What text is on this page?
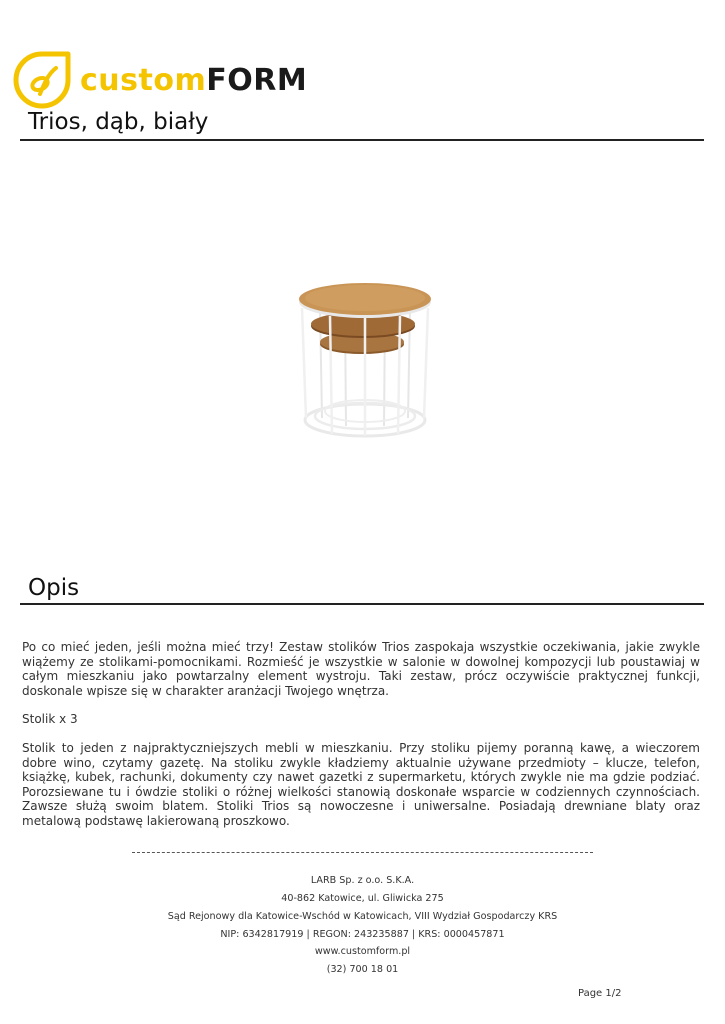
customFORM
Trios, dąb, biały
Opis

Po co mieć jeden, jeśli można mieć trzy! Zestaw stolików Trios zaspokaja wszystkie oczekiwania, jakie zwykle wiążemy ze stolikami-pomocnikami. Rozmieść je wszystkie w salonie w dowolnej kompozycji lub poustawiaj w całym mieszkaniu jako powtarzalny element wystroju. Taki zestaw, prócz oczywiście praktycznej funkcji, doskonale wpisze się w charakter aranżacji Twojego wnętrza.

Stolik x 3

Stolik to jeden z najpraktyczniejszych mebli w mieszkaniu. Przy stoliku pijemy poranną kawę, a wieczorem dobre wino, czytamy gazetę. Na stoliku zwykle kładziemy aktualnie używane przedmioty – klucze, telefon, książkę, kubek, rachunki, dokumenty czy nawet gazetki z supermarketu, których zwykle nie ma gdzie podziać. Porozsiewane tu i ówdzie stoliki o różnej wielkości stanowią doskonałe wsparcie w codziennych czynnościach. Zawsze służą swoim blatem. Stoliki Trios są nowoczesne i uniwersalne. Posiadają drewniane blaty oraz metalową podstawę lakierowaną proszkowo.

LARB Sp. z o.o. S.K.A.

40-862 Katowice, ul. Gliwicka 275

Sąd Rejonowy dla Katowice-Wschód w Katowicach, VIII Wydział Gospodarczy KRS

NIP: 6342817919 | REGON: 243235887 | KRS: 0000457871

www.customform.pl

(32) 700 18 01

Page 1/2
